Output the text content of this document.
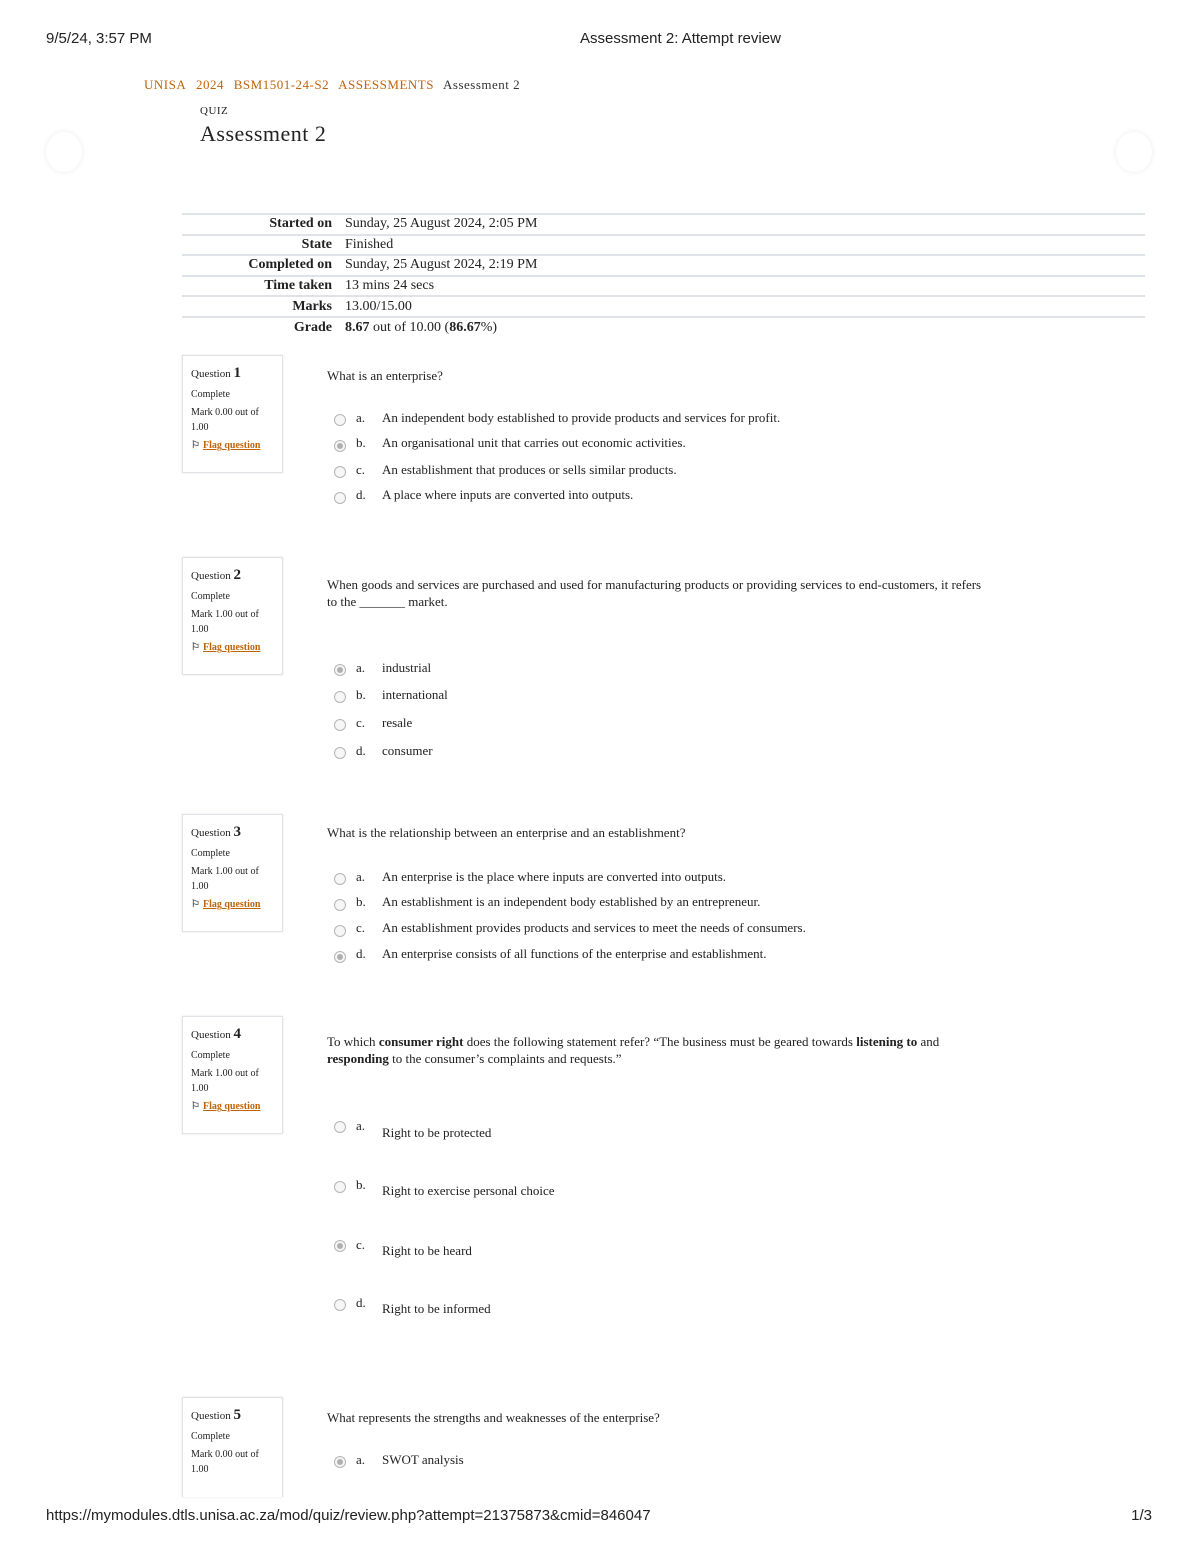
9/5/24, 3:57 PM	Assessment 2: Attempt review
https://mymodules.dtls.unisa.ac.za/mod/quiz/review.php?attempt=21375873&cmid=846047	1/3
UNISA 2024 BSM1501-24-S2 ASSESSMENTS Assessment 2
QUIZ
Assessment 2
Started on	Sunday, 25 August 2024, 2:05 PM
State	Finished
Completed on	Sunday, 25 August 2024, 2:19 PM
Time taken	13 mins 24 secs
Marks	13.00/15.00
Grade	8.67 out of 10.00 (86.67%)
Question 1
Complete
Mark 0.00 out of
1.00
⚐ Flag question
What is an enterprise?
a. An independent body established to provide products and services for profit.
b. An organisational unit that carries out economic activities.
c. An establishment that produces or sells similar products.
d. A place where inputs are converted into outputs.
Question 2
Complete
Mark 1.00 out of
1.00
⚐ Flag question
When goods and services are purchased and used for manufacturing products or providing services to end-customers, it refers to the _______ market.
a. industrial
b. international
c. resale
d. consumer
Question 3
Complete
Mark 1.00 out of
1.00
⚐ Flag question
What is the relationship between an enterprise and an establishment?
a. An enterprise is the place where inputs are converted into outputs.
b. An establishment is an independent body established by an entrepreneur.
c. An establishment provides products and services to meet the needs of consumers.
d. An enterprise consists of all functions of the enterprise and establishment.
Question 4
Complete
Mark 1.00 out of
1.00
⚐ Flag question
To which consumer right does the following statement refer? “The business must be geared towards listening to and responding to the consumer’s complaints and requests.”
a. Right to be protected
b. Right to exercise personal choice
c. Right to be heard
d. Right to be informed
Question 5
Complete
Mark 0.00 out of
1.00
What represents the strengths and weaknesses of the enterprise?
a. SWOT analysis
